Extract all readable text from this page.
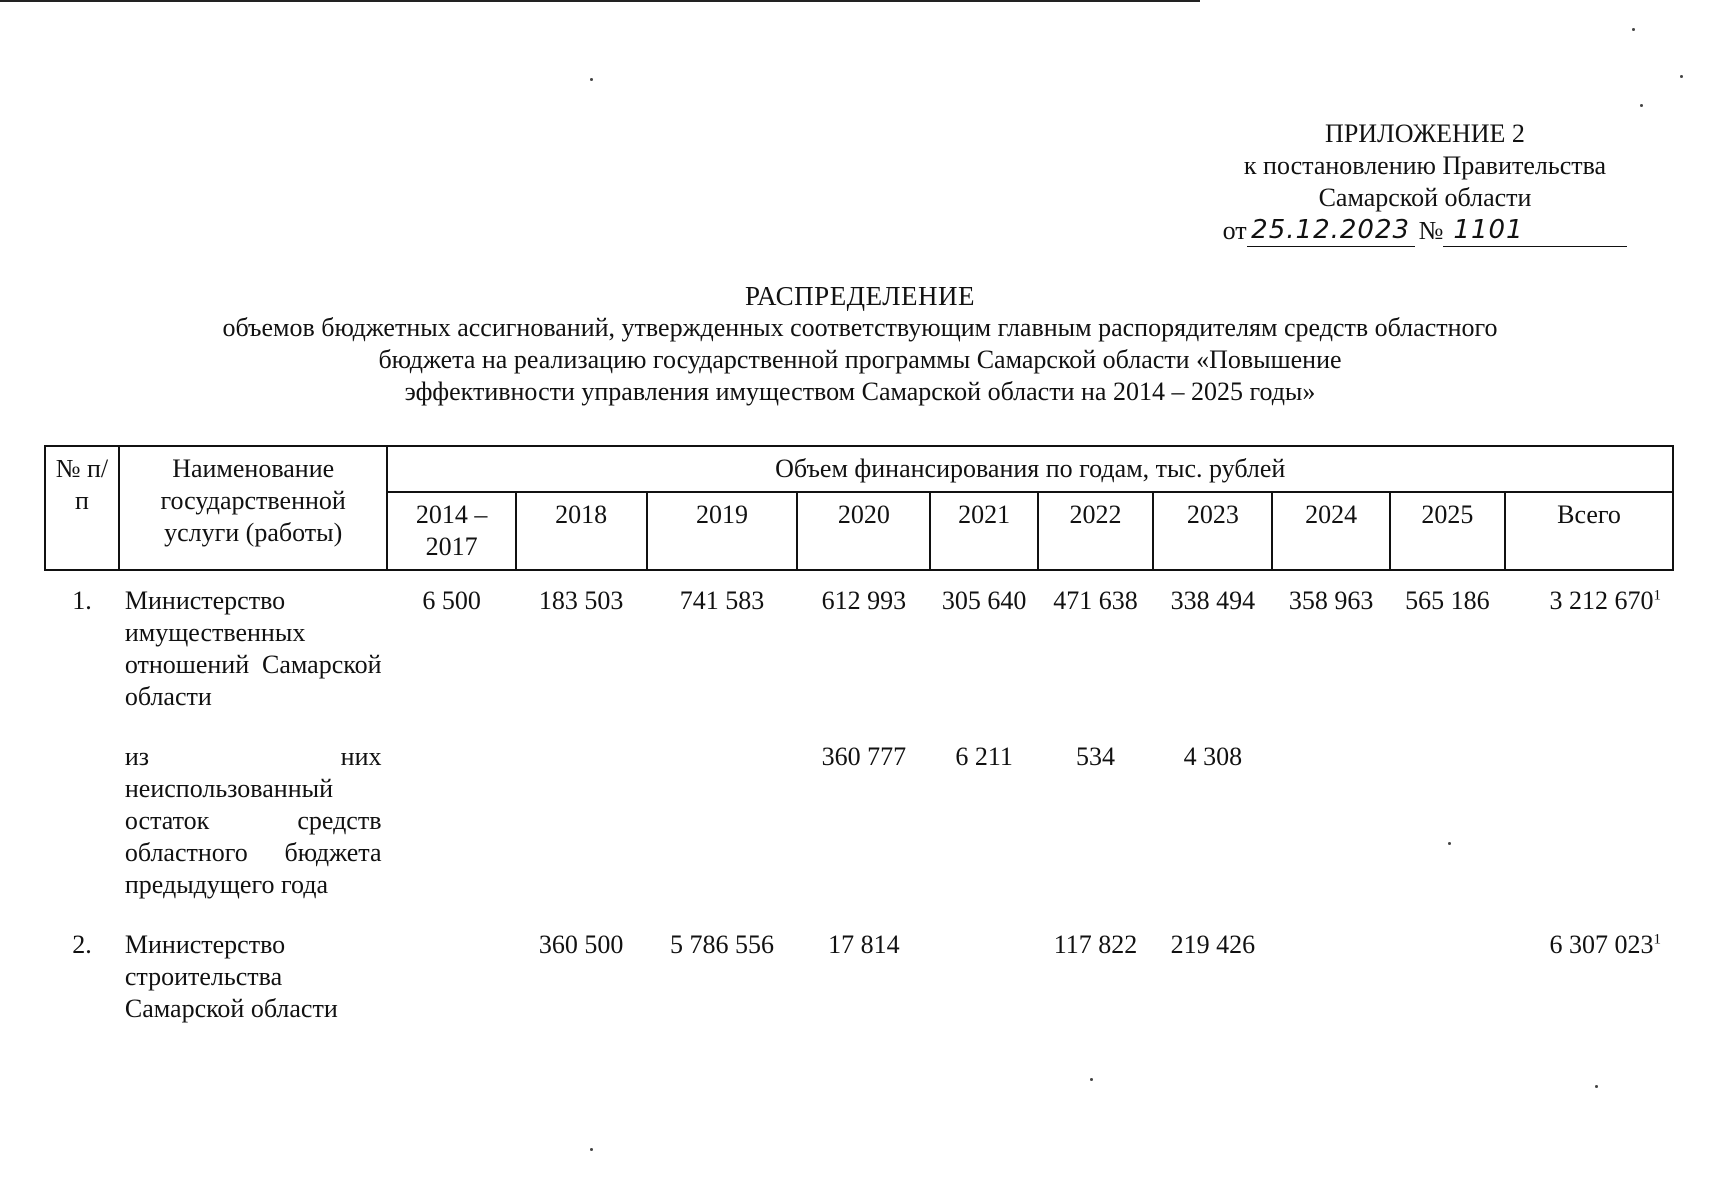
ПРИЛОЖЕНИЕ 2
к постановлению Правительства
Самарской области
от 25.12.2023 № 1101
РАСПРЕДЕЛЕНИЕ
объемов бюджетных ассигнований, утвержденных соответствующим главным распорядителям средств областного
бюджета на реализацию государственной программы Самарской области «Повышение
эффективности управления имуществом Самарской области на 2014 – 2025 годы»
№ п/п	Наименование государственной услуги (работы)	Объем финансирования по годам, тыс. рублей									
		2014 – 2017	2018	2019	2020	2021	2022	2023	2024	2025	Всего
1.	Министерство имущественных отношений Самарской области	6 500	183 503	741 583	612 993	305 640	471 638	338 494	358 963	565 186	3 212 $670^1$
	из них неиспользованный остаток средств областного бюджета предыдущего года				360 777	6 211	534	4 308			
2.	Министерство строительства Самарской области		360 500	5 786 556	17 814		117 822	219 426			6 307 $023^1$
